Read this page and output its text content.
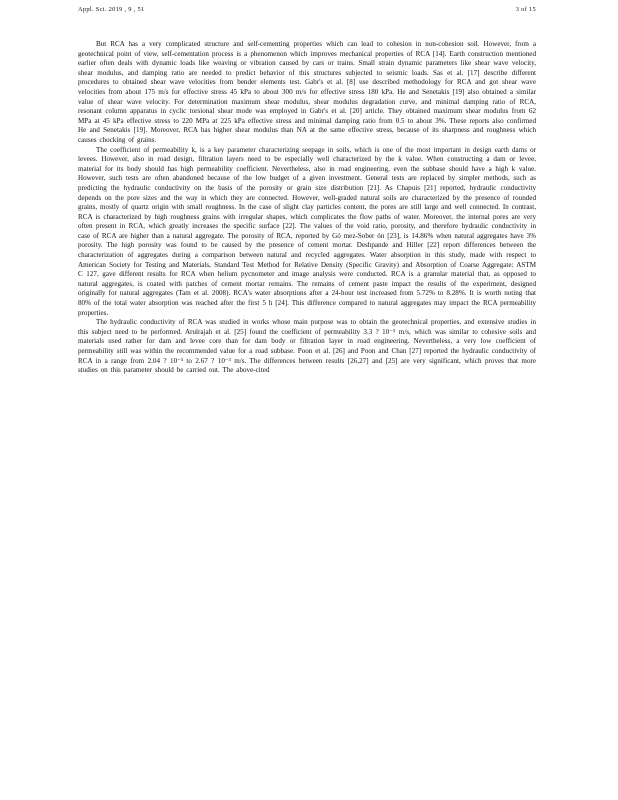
Appl. Sci. 2019 , 9 , 51	3 of 15

But RCA has a very complicated structure and self-cementing properties which can lead to cohesion in non-cohesion soil. However, from a geotechnical point of view, self-cementation process is a phenomenon which improves mechanical properties of RCA [14]. Earth construction mentioned earlier often deals with dynamic loads like weaving or vibration caused by cars or trains. Small strain dynamic parameters like shear wave velocity, shear modulus, and damping ratio are needed to predict behavior of this structures subjected to seismic loads. Sas et al. [17] describe different procedures to obtained shear wave velocities from bender elements test. Gabr's et al. [8] use described methodology for RCA and got shear wave velocities from about 175 m/s for effective stress 45 kPa to about 300 m/s for effective stress 180 kPa. He and Senetakis [19] also obtained a similar value of shear wave velocity. For determination maximum shear modulus, shear modulus degradation curve, and minimal damping ratio of RCA, resonant column apparatus in cyclic torsional shear mode was employed in Gabr's et al. [20] article. They obtained maximum shear modulus from 62 MPa at 45 kPa effective stress to 220 MPa at 225 kPa effective stress and minimal damping ratio from 0.5 to about 3%. These reports also confirmed He and Senetakis [19]. Moreover, RCA has higher shear modulus than NA at the same effective stress, because of its sharpness and roughness which causes chocking of grains.

The coefficient of permeability k, is a key parameter characterizing seepage in soils, which is one of the most important in design earth dams or levees. However, also in road design, filtration layers need to be especially well characterized by the k value. When constructing a dam or levee, material for its body should has high permeability coefficient. Nevertheless, also in road engineering, even the subbase should have a high k value. However, such tests are often abandoned because of the low budget of a given investment. General tests are replaced by simpler methods, such as predicting the hydraulic conductivity on the basis of the porosity or grain size distribution [21]. As Chapuis [21] reported, hydraulic conductivity depends on the pore sizes and the way in which they are connected. However, well-graded natural soils are characterized by the presence of rounded grains, mostly of quartz origin with small roughness. In the case of slight clay particles content, the pores are still large and well connected. In contrast, RCA is characterized by high roughness grains with irregular shapes, which complicates the flow paths of water. Moreover, the internal pores are very often present in RCA, which greatly increases the specific surface [22]. The values of the void ratio, porosity, and therefore hydraulic conductivity in case of RCA are higher than a natural aggregate. The porosity of RCA, reported by Gó mez-Sober ón [23], is 14.86% when natural aggregates have 3% porosity. The high porosity was found to be caused by the presence of cement mortar. Deshpande and Hiller [22] report differences between the characterization of aggregates during a comparison between natural and recycled aggregates. Water absorption in this study, made with respect to American Society for Testing and Materials, Standard Test Method for Relative Density (Specific Gravity) and Absorption of Coarse Aggregate: ASTM C 127, gave different results for RCA when helium pycnometer and image analysis were conducted. RCA is a granular material that, as opposed to natural aggregates, is coated with patches of cement mortar remains. The remains of cement paste impact the results of the experiment, designed originally for natural aggregates (Tam et al. 2008). RCA's water absorptions after a 24-hour test increased from 5.72% to 8.28%. It is worth noting that 80% of the total water absorption was reached after the first 5 h [24]. This difference compared to natural aggregates may impact the RCA permeability properties.

The hydraulic conductivity of RCA was studied in works whose main purpose was to obtain the geotechnical properties, and extensive studies in this subject need to be performed. Arulrajah et al. [25] found the coefficient of permeability 3.3 ? 10⁻⁵ m/s, which was similar to cohesive soils and materials used rather for dam and levee core than for dam body or filtration layer in road engineering. Nevertheless, a very low coefficient of permeability still was within the recommended value for a road subbase. Poon et al. [26] and Poon and Chan [27] reported the hydraulic conductivity of RCA in a range from 2.04 ? 10⁻³ to 2.67 ? 10⁻³ m/s. The differences between results [26,27] and [25] are very significant, which proves that more studies on this parameter should be carried out. The above-cited
